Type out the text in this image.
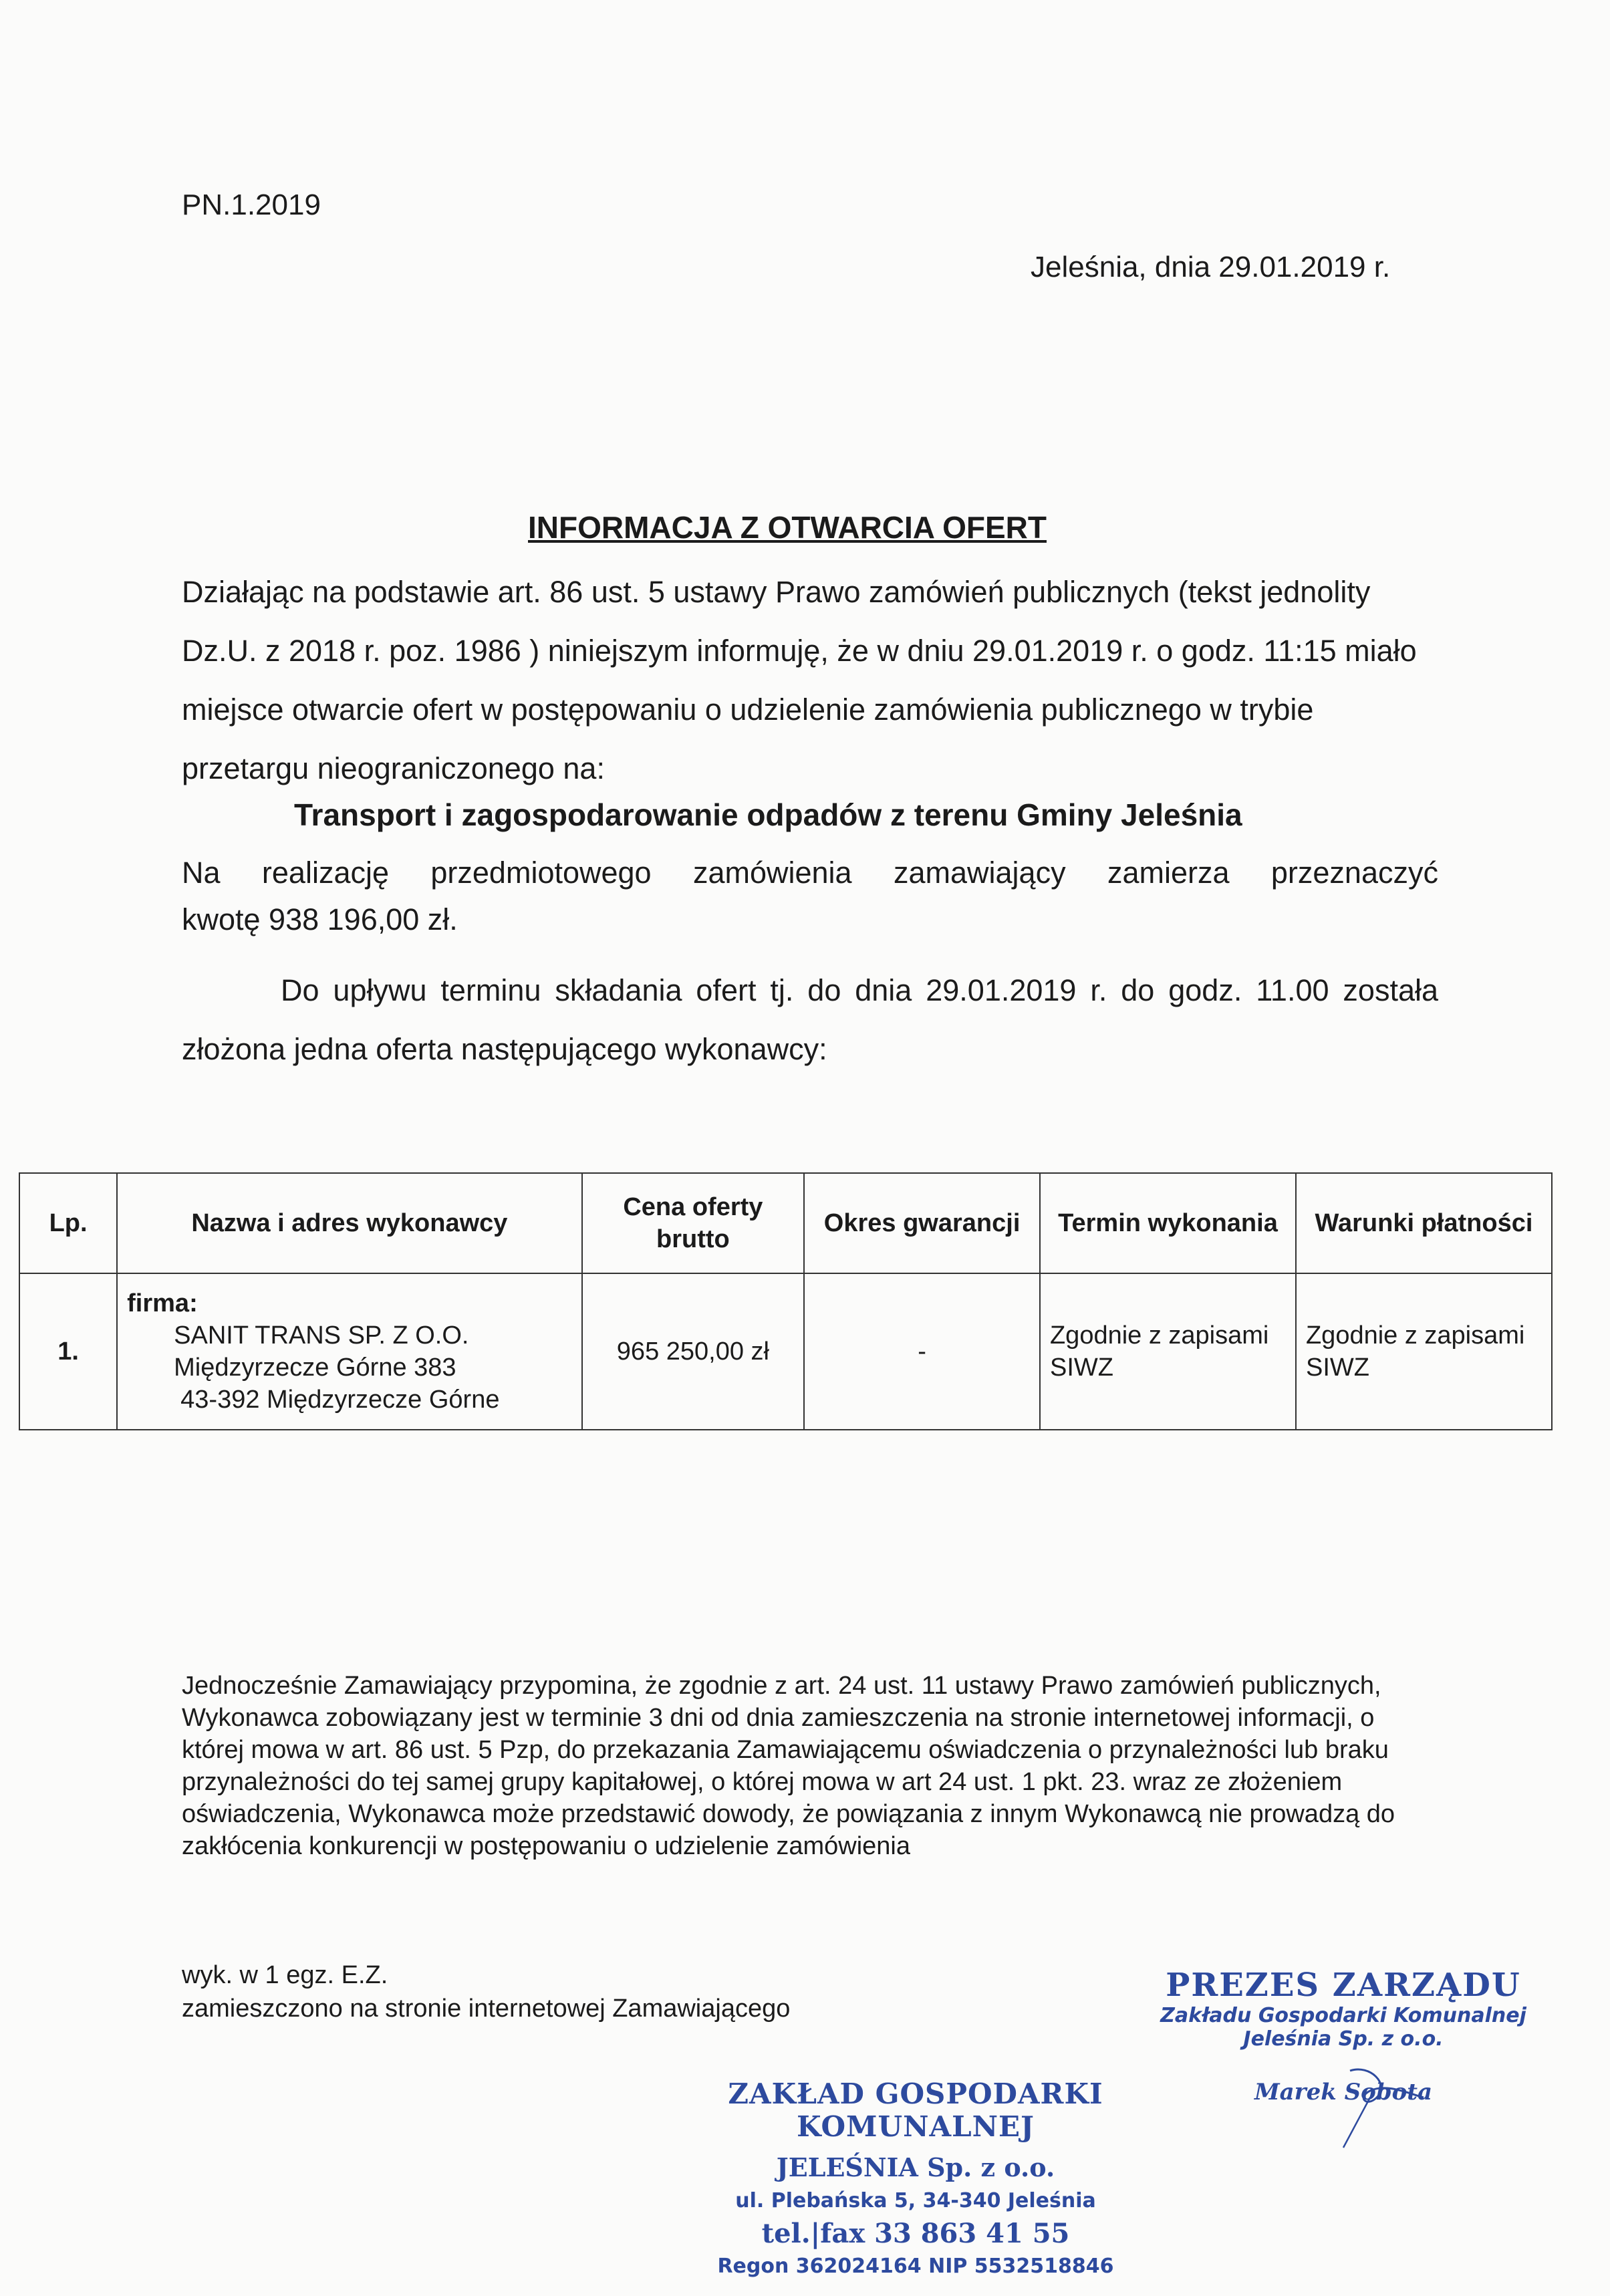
PN.1.2019

Jeleśnia, dnia 29.01.2019 r.

INFORMACJA Z OTWARCIA OFERT

Działając na podstawie art. 86 ust. 5 ustawy Prawo zamówień publicznych (tekst jednolity Dz.U. z 2018 r. poz. 1986 ) niniejszym informuję, że w dniu 29.01.2019 r. o godz. 11:15 miało miejsce otwarcie ofert w postępowaniu o udzielenie zamówienia publicznego w trybie przetargu nieograniczonego na:

Transport i zagospodarowanie odpadów z terenu Gminy Jeleśnia

Na realizację przedmiotowego zamówienia zamawiający zamierza przeznaczyć

kwotę 938 196,00 zł.

Do upływu terminu składania ofert tj. do dnia 29.01.2019 r. do godz. 11.00 została złożona jedna oferta następującego wykonawcy:

Lp.	Nazwa i adres wykonawcy	Cena oferty brutto	Okres gwarancji	Termin wykonania	Warunki płatności
1.	firma:
SANIT TRANS SP. Z O.O.
Międzyrzecze Górne 383
43-392 Międzyrzecze Górne	965 250,00 zł	-	Zgodnie z zapisami SIWZ	Zgodnie z zapisami SIWZ

Jednocześnie Zamawiający przypomina, że zgodnie z art. 24 ust. 11 ustawy Prawo zamówień publicznych, Wykonawca zobowiązany jest w terminie 3 dni od dnia zamieszczenia na stronie internetowej informacji, o której mowa w art. 86 ust. 5 Pzp, do przekazania Zamawiającemu oświadczenia o przynależności lub braku przynależności do tej samej grupy kapitałowej, o której mowa w art 24 ust. 1 pkt. 23. wraz ze złożeniem oświadczenia, Wykonawca może przedstawić dowody, że powiązania z innym Wykonawcą nie prowadzą do zakłócenia konkurencji w postępowaniu o udzielenie zamówienia

wyk. w 1 egz. E.Z.
zamieszczono na stronie internetowej Zamawiającego
ZAKŁAD GOSPODARKI KOMUNALNEJ
JELEŚNIA Sp. z o.o.
ul. Plebańska 5, 34-340 Jeleśnia
tel.|fax 33 863 41 55
Regon 362024164 NIP 5532518846
PREZES ZARZĄDU
Zakładu Gospodarki Komunalnej
Jeleśnia Sp. z o.o.
Marek Sobota
